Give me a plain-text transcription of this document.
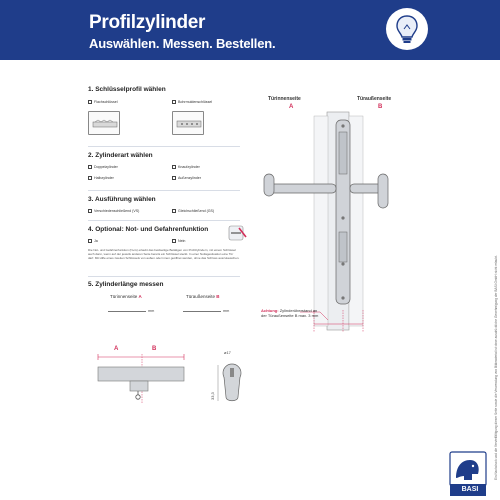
Profilzylinder
Auswählen. Messen. Bestellen.
1. Schlüsselprofil wählen
Flachschlüssel	Bohrmuldenschlüssel
2. Zylinderart wählen
Doppelzylinder	Knaufzylinder
Halbzylinder	Außenzylinder
3. Ausführung wählen
Verschiedenschließend (VS)	Gleichschließend (GS)
4. Optional: Not- und Gefahrenfunktion
Ja	Nein
Die Not- und Gefahrenfunktion (N+G) erlaubt das beidseitige Betätigen von Profilzylindern, mit einem Schlüssel auch dann, wenn auf der jeweils anderen Seite bereits ein Schlüssel steckt. In einer Notlagesituation eine Tür darf. Mit Hilfe eines zweiten Schlüssels von außen oder innen geöffnet werden, ohne das Schloss auszutauschen.
5. Zylinderlänge messen
Türinnenseite A	Türaußenseite B
mm	mm
A	B
ø17
33,3
Türinnenseite
A
Türaußenseite
B
Achtung: Zylinderüberstand an der Türaußenseite B max. 3 mm	Ein Nachdruck und die Vervielfältigung dieser Seite sowie die Verwendung von Bildmaterial ist ohne ausdrückliche Genehmigung der BASI GmbH nicht erlaubt.
BASI
